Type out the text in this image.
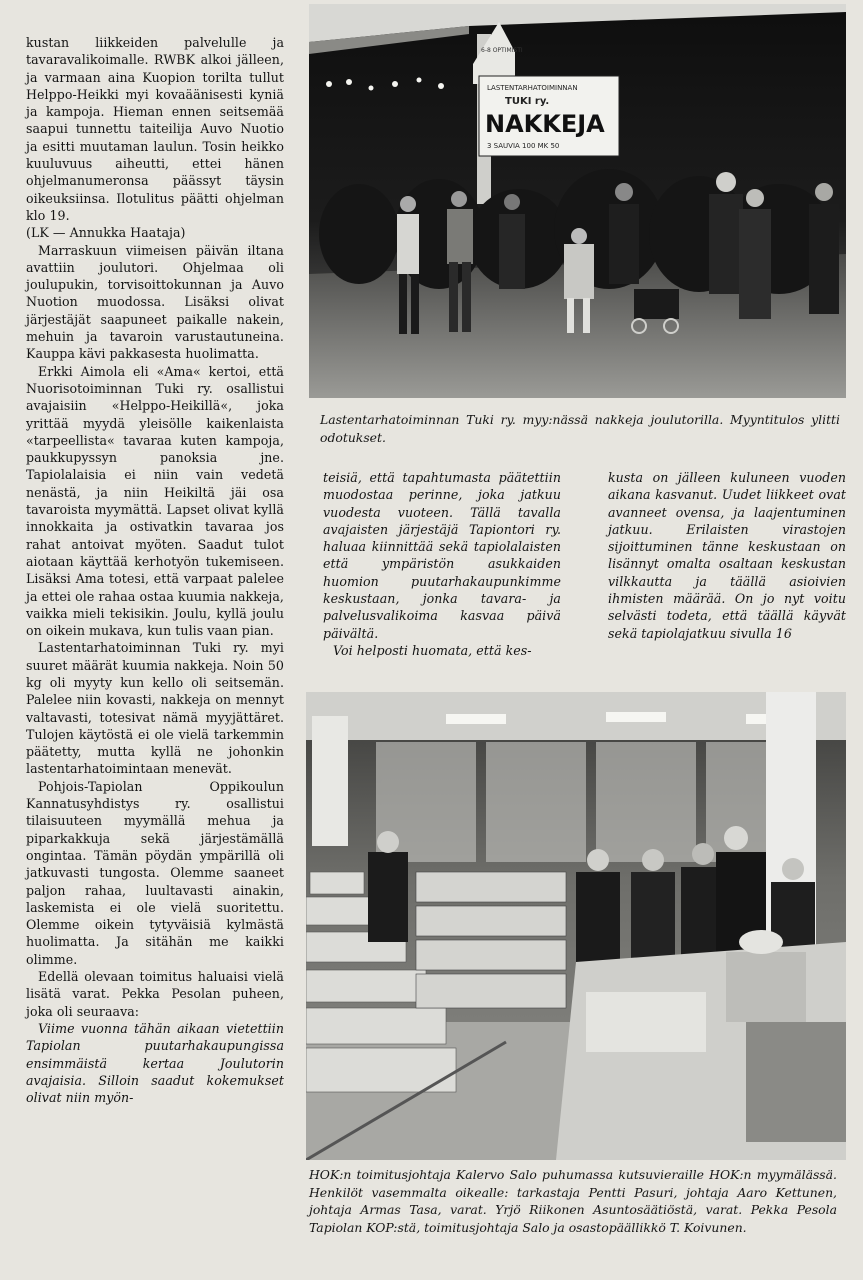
kustan liikkeiden palvelulle ja tavaravalikoimalle. RWBK alkoi jälleen, ja varmaan aina Kuopion torilta tullut Helppo-Heikki myi kovaäänisesti kyniä ja kampoja. Hieman ennen seitsemää saapui tunnettu taiteilija Auvo Nuotio ja esitti muutaman laulun. Tosin heikko kuuluvuus aiheutti, ettei hänen ohjelmanumeronsa päässyt täysin oikeuksiinsa. Ilotulitus päätti ohjelman klo 19.

(LK — Annukka Haataja)

Marraskuun viimeisen päivän iltana avattiin joulutori. Ohjelmaa oli joulupukin, torvisoittokunnan ja Auvo Nuotion muodossa. Lisäksi olivat järjestäjät saapuneet paikalle nakein, mehuin ja tavaroin varustautuneina. Kauppa kävi pakkasesta huolimatta.

Erkki Aimola eli «Ama« kertoi, että Nuorisotoiminnan Tuki ry. osallistui avajaisiin «Helppo-Heikillä«, joka yrittää myydä yleisölle kaikenlaista «tarpeellista« tavaraa kuten kampoja, paukkupyssyn panoksia jne. Tapiolalaisia ei niin vain vedetä nenästä, ja niin Heikiltä jäi osa tavaroista myymättä. Lapset olivat kyllä innokkaita ja ostivatkin tavaraa jos rahat antoivat myöten. Saadut tulot aiotaan käyttää kerhotyön tukemiseen. Lisäksi Ama totesi, että varpaat palelee ja ettei ole rahaa ostaa kuumia nakkeja, vaikka mieli tekisikin. Joulu, kyllä joulu on oikein mukava, kun tulis vaan pian.

Lastentarhatoiminnan Tuki ry. myi suuret määrät kuumia nakkeja. Noin 50 kg oli myyty kun kello oli seitsemän. Palelee niin kovasti, nakkeja on mennyt valtavasti, totesivat nämä myyjättäret. Tulojen käytöstä ei ole vielä tarkemmin päätetty, mutta kyllä ne johonkin lastentarhatoimintaan menevät.

Pohjois-Tapiolan Oppikoulun Kannatusyhdistys ry. osallistui tilaisuuteen myymällä mehua ja piparkakkuja sekä järjestämällä ongintaa. Tämän pöydän ympärillä oli jatkuvasti tungosta. Olemme saaneet paljon rahaa, luultavasti ainakin, laskemista ei ole vielä suoritettu. Olemme oikein tytyväisiä kylmästä huolimatta. Ja sitähän me kaikki olimme.

Edellä olevaan toimitus haluaisi vielä lisätä varat. Pekka Pesolan puheen, joka oli seuraava:

Viime vuonna tähän aikaan vietettiin Tapiolan puutarhakaupungissa ensimmäistä kertaa Joulutorin avajaisia. Silloin saadut kokemukset olivat niin myön-

6-8 OPTIMISTI
LASTENTARHATOIMINNAN
TUKI ry.
NAKKEJA
3 SAUVIA 100 MK 50
Lastentarhatoiminnan Tuki ry. myy:nässä nakkeja joulutorilla. Myyntitulos ylitti odotukset.

teisiä, että tapahtumasta päätettiin muodostaa perinne, joka jatkuu vuodesta vuoteen. Tällä tavalla avajaisten järjestäjä Tapiontori ry. haluaa kiinnittää sekä tapiolalaisten että ympäristön asukkaiden huomion puutarhakaupunkimme keskustaan, jonka tavara- ja palvelusvalikoima kasvaa päivä päivältä.

Voi helposti huomata, että kes-

kusta on jälleen kuluneen vuoden aikana kasvanut. Uudet liikkeet ovat avanneet ovensa, ja laajentuminen jatkuu. Erilaisten virastojen sijoittuminen tänne keskustaan on lisännyt omalta osaltaan keskustan vilkkautta ja täällä asioivien ihmisten määrää. On jo nyt voitu selvästi todeta, että täällä käyvät sekä tapiolajatkuu sivulla 16

HOK:n toimitusjohtaja Kalervo Salo puhumassa kutsuvieraille HOK:n myymälässä. Henkilöt vasemmalta oikealle: tarkastaja Pentti Pasuri, johtaja Aaro Kettunen, johtaja Armas Tasa, varat. Yrjö Riikonen Asuntosäätiöstä, varat. Pekka Pesola Tapiolan KOP:stä, toimitusjohtaja Salo ja osastopäällikkö T. Koivunen.
